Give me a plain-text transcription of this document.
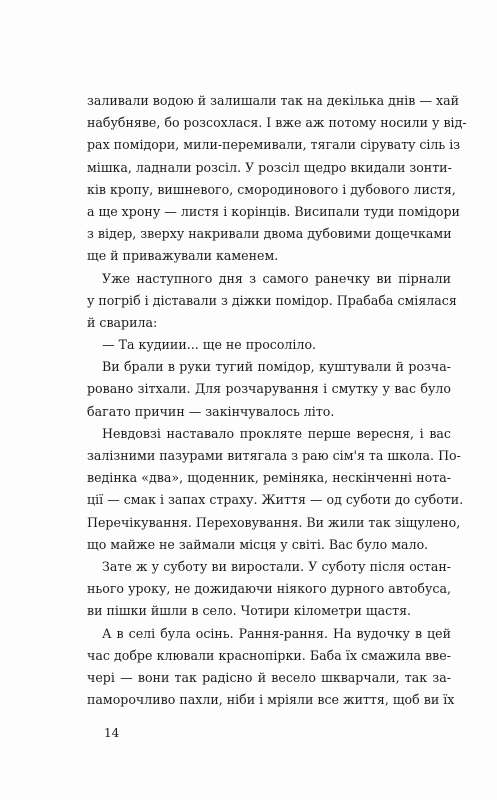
заливали водою й залишали так на декілька днів — хай
набубняве, бо розсохлася. І вже аж потому носили у від-
рах помідори, мили-перемивали, тягали сіруватy сіль із
мішка, ладнали розсіл. У розсіл щедро вкидали зонти-
ків кропу, вишневого, смородинового і дубового листя,
а ще хрону — листя і корінців. Висипали туди помідори
з відер, зверху накривали двома дубовими дощечками
ще й приважували каменем.
Уже наступного дня з самого ранечку ви пірнали
у погріб і діставали з діжки помідор. Прабаба сміялася
й сварила:
— Та кудиии... ще не просоліло.
Ви брали в руки тугий помідор, куштували й розча-
ровано зітхали. Для розчарування і смутку у вас було
багато причин — закінчувалось літо.
Невдовзі наставало прокляте перше вересня, і вас
залізними пазурами витягала з раю сім'я та школа. По-
ведінка «два», щоденник, реміняка, нескінченні нота-
ції — смак і запах страху. Життя — од суботи до суботи.
Перечікування. Переховування. Ви жили так зіщулено,
що майже не займали місця у світі. Вас було мало.
Зате ж у суботу ви виростали. У суботу після остан-
нього уроку, не дожидаючи ніякого дурного автобуса,
ви пішки йшли в село. Чотири кілометри щастя.
А в селі була осінь. Рання-рання. На вудочку в цей
час добре клювали краснопірки. Баба їх смажила вве-
чері — вони так радісно й весело шкварчали, так за-
паморочливо пахли, ніби і мріяли все життя, щоб ви їх
14
